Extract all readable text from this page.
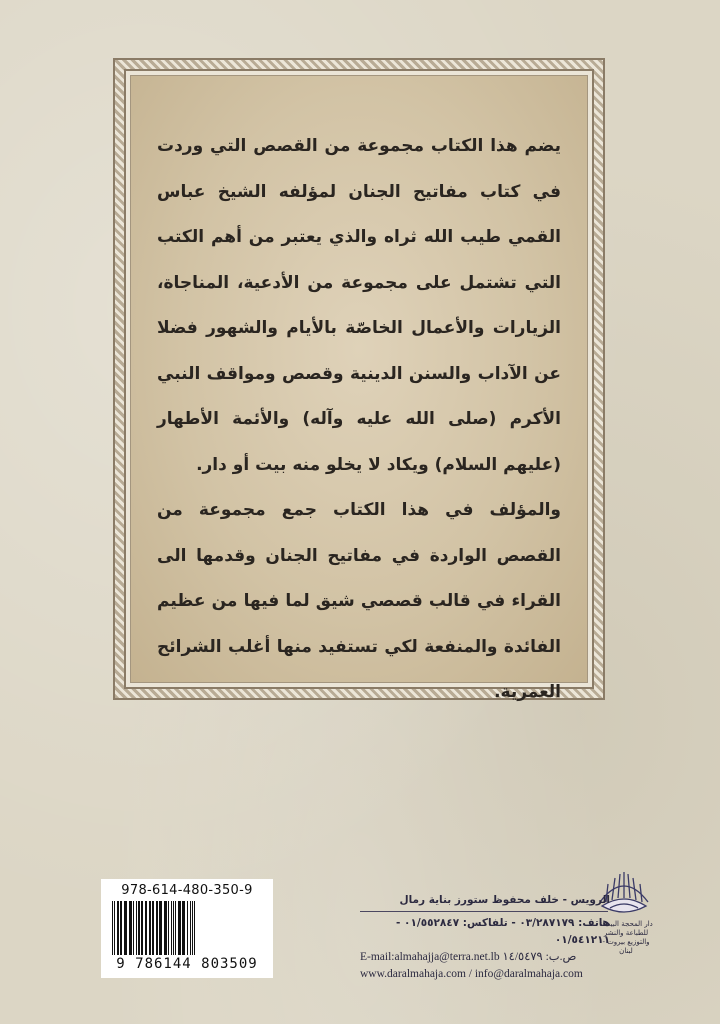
يضم هذا الكتاب مجموعة من القصص التي وردت في كتاب مفاتيح الجنان لمؤلفه الشيخ عباس القمي طيب الله ثراه والذي يعتبر من أهم الكتب التي تشتمل على مجموعة من الأدعية، المناجاة، الزيارات والأعمال الخاصّة بالأيام والشهور فضلا عن الآداب والسنن الدينية وقصص ومواقف النبي الأكرم (صلى الله عليه وآله) والأئمة الأطهار (عليهم السلام) ويكاد لا يخلو منه بيت أو دار.

والمؤلف في هذا الكتاب جمع مجموعة من القصص الواردة في مفاتيح الجنان وقدمها الى القراء في قالب قصصي شيق لما فيها من عظيم الفائدة والمنفعة لكي تستفيد منها أغلب الشرائح العمرية.

978-614-480-350-9
9 786144 803509
دار المحجة البيضاء
للطباعة والنشر والتوزيع بيروت - لبنان
الرويس - خلف محفوظ ستورز بناية رمال
هاتف: ٠٣/٢٨٧١٧٩ - تلفاكس: ٠١/٥٥٢٨٤٧ - ٠١/٥٤١٢١١
E-mail:almahajja@terra.net.lb ص.ب: ١٤/٥٤٧٩
www.daralmahaja.com / info@daralmahaja.com
